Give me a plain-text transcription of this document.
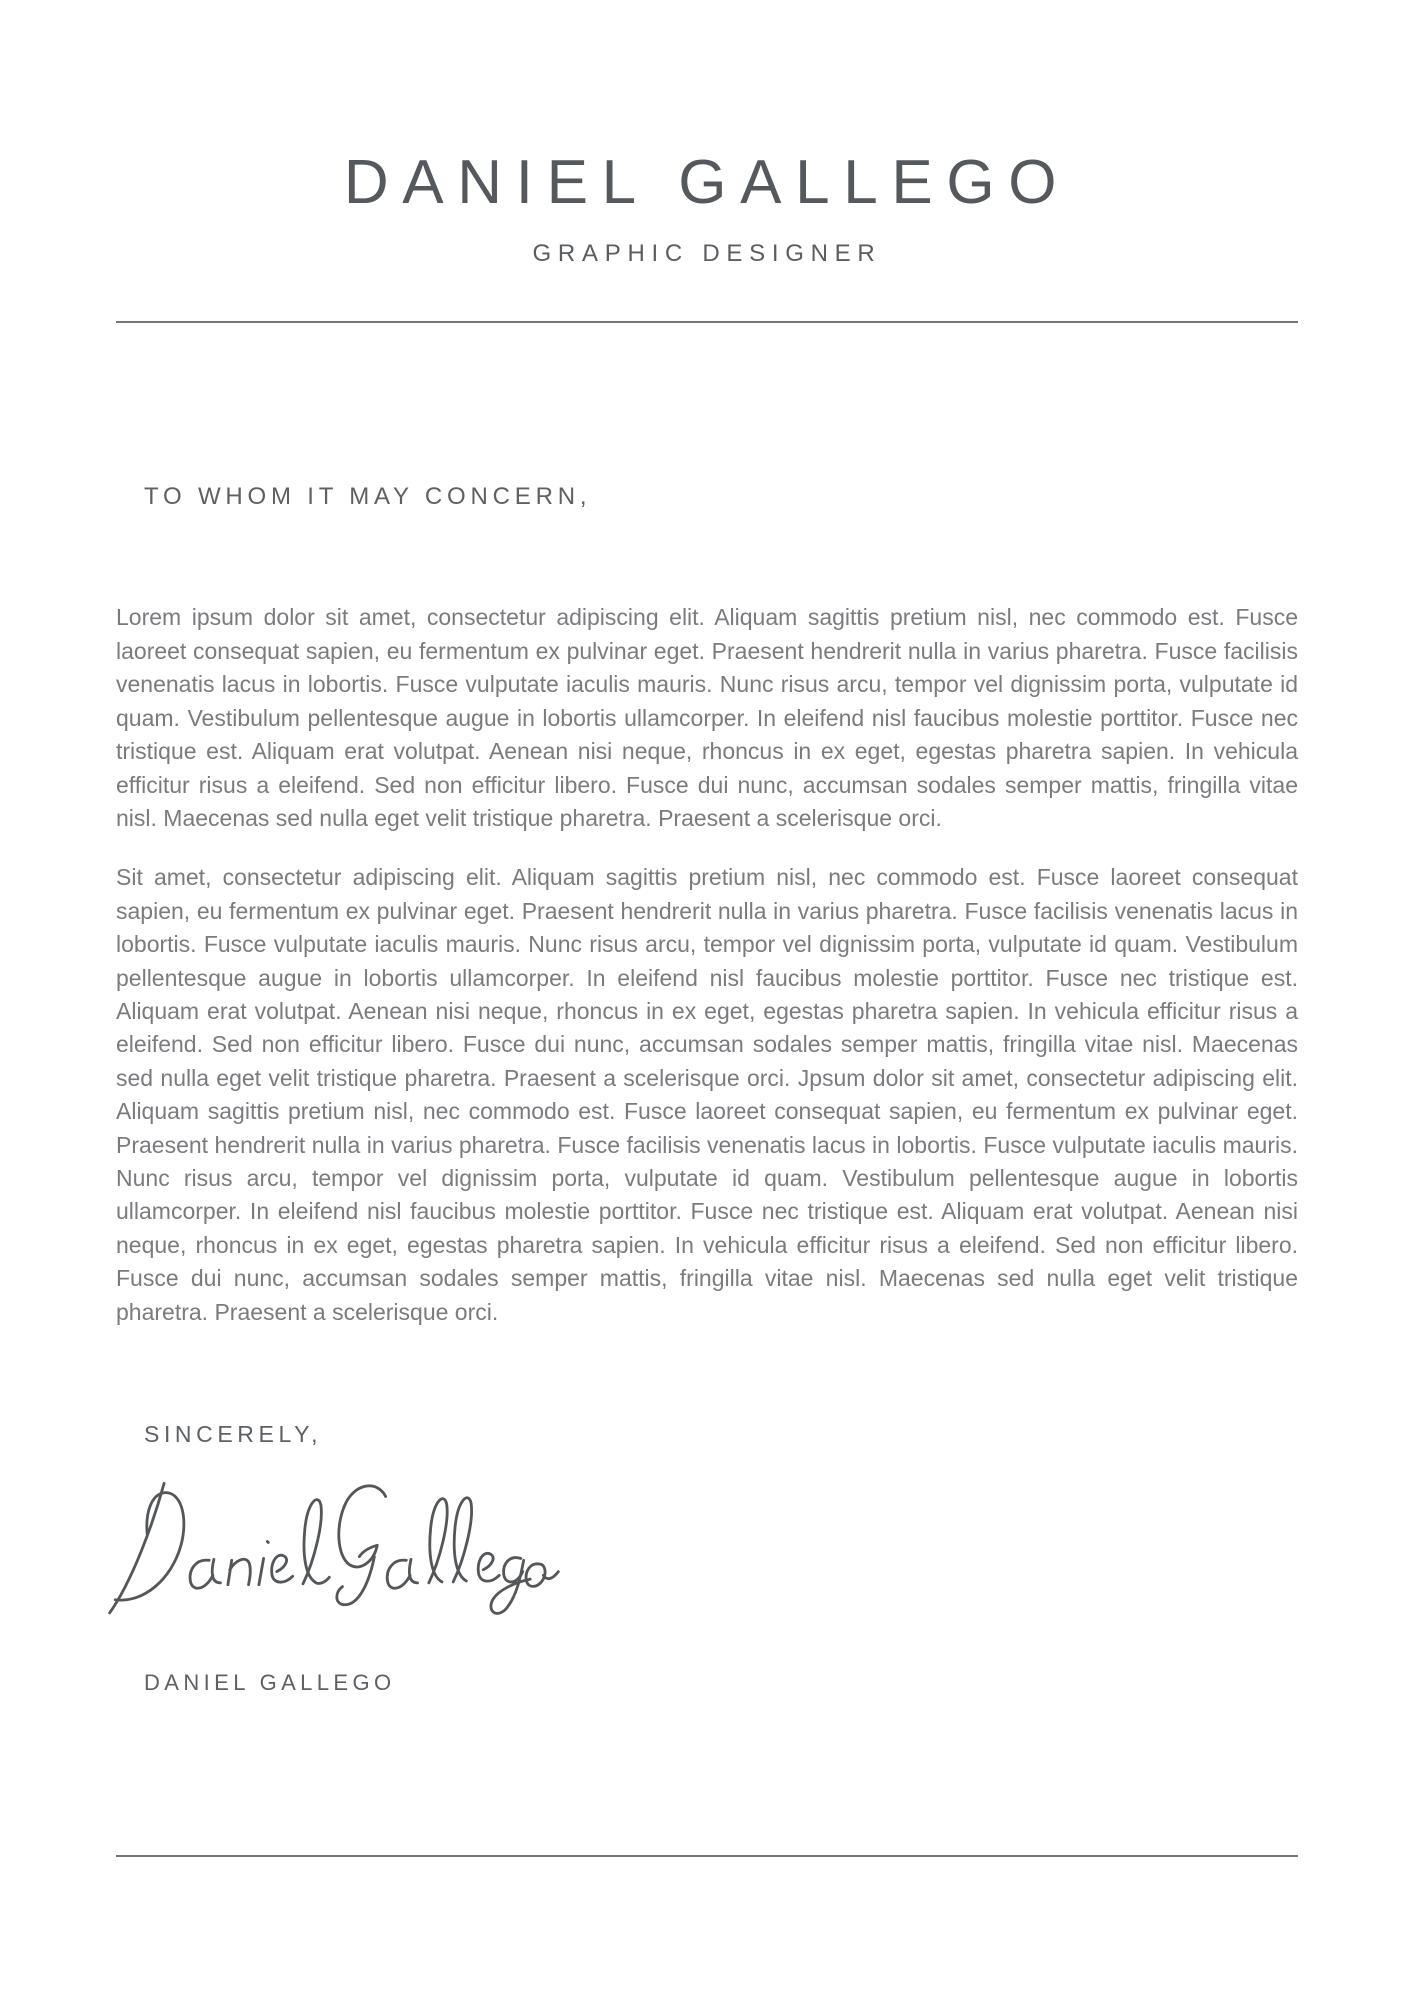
DANIEL GALLEGO
GRAPHIC DESIGNER
TO WHOM IT MAY CONCERN,

Lorem ipsum dolor sit amet, consectetur adipiscing elit. Aliquam sagittis pretium nisl, nec commodo est. Fusce laoreet consequat sapien, eu fermentum ex pulvinar eget. Praesent hendrerit nulla in varius pharetra. Fusce facilisis venenatis lacus in lobortis. Fusce vulputate iaculis mauris. Nunc risus arcu, tempor vel dignissim porta, vulputate id quam. Vestibulum pellentesque augue in lobortis ullamcorper. In eleifend nisl faucibus molestie porttitor. Fusce nec tristique est. Aliquam erat volutpat. Aenean nisi neque, rhoncus in ex eget, egestas pharetra sapien. In vehicula efficitur risus a eleifend. Sed non efficitur libero. Fusce dui nunc, accumsan sodales semper mattis, fringilla vitae nisl. Maecenas sed nulla eget velit tristique pharetra. Praesent a scelerisque orci.

Sit amet, consectetur adipiscing elit. Aliquam sagittis pretium nisl, nec commodo est. Fusce laoreet consequat sapien, eu fermentum ex pulvinar eget. Praesent hendrerit nulla in varius pharetra. Fusce facilisis venenatis lacus in lobortis. Fusce vulputate iaculis mauris. Nunc risus arcu, tempor vel dignissim porta, vulputate id quam. Vestibulum pellentesque augue in lobortis ullamcorper. In eleifend nisl faucibus molestie porttitor. Fusce nec tristique est. Aliquam erat volutpat. Aenean nisi neque, rhoncus in ex eget, egestas pharetra sapien. In vehicula efficitur risus a eleifend. Sed non efficitur libero. Fusce dui nunc, accumsan sodales semper mattis, fringilla vitae nisl. Maecenas sed nulla eget velit tristique pharetra. Praesent a scelerisque orci. Jpsum dolor sit amet, consectetur adipiscing elit. Aliquam sagittis pretium nisl, nec commodo est. Fusce laoreet consequat sapien, eu fermentum ex pulvinar eget. Praesent hendrerit nulla in varius pharetra. Fusce facilisis venenatis lacus in lobortis. Fusce vulputate iaculis mauris. Nunc risus arcu, tempor vel dignissim porta, vulputate id quam. Vestibulum pellentesque augue in lobortis ullamcorper. In eleifend nisl faucibus molestie porttitor. Fusce nec tristique est. Aliquam erat volutpat. Aenean nisi neque, rhoncus in ex eget, egestas pharetra sapien. In vehicula efficitur risus a eleifend. Sed non efficitur libero. Fusce dui nunc, accumsan sodales semper mattis, fringilla vitae nisl. Maecenas sed nulla eget velit tristique pharetra. Praesent a scelerisque orci.

SINCERELY,
DANIEL GALLEGO
